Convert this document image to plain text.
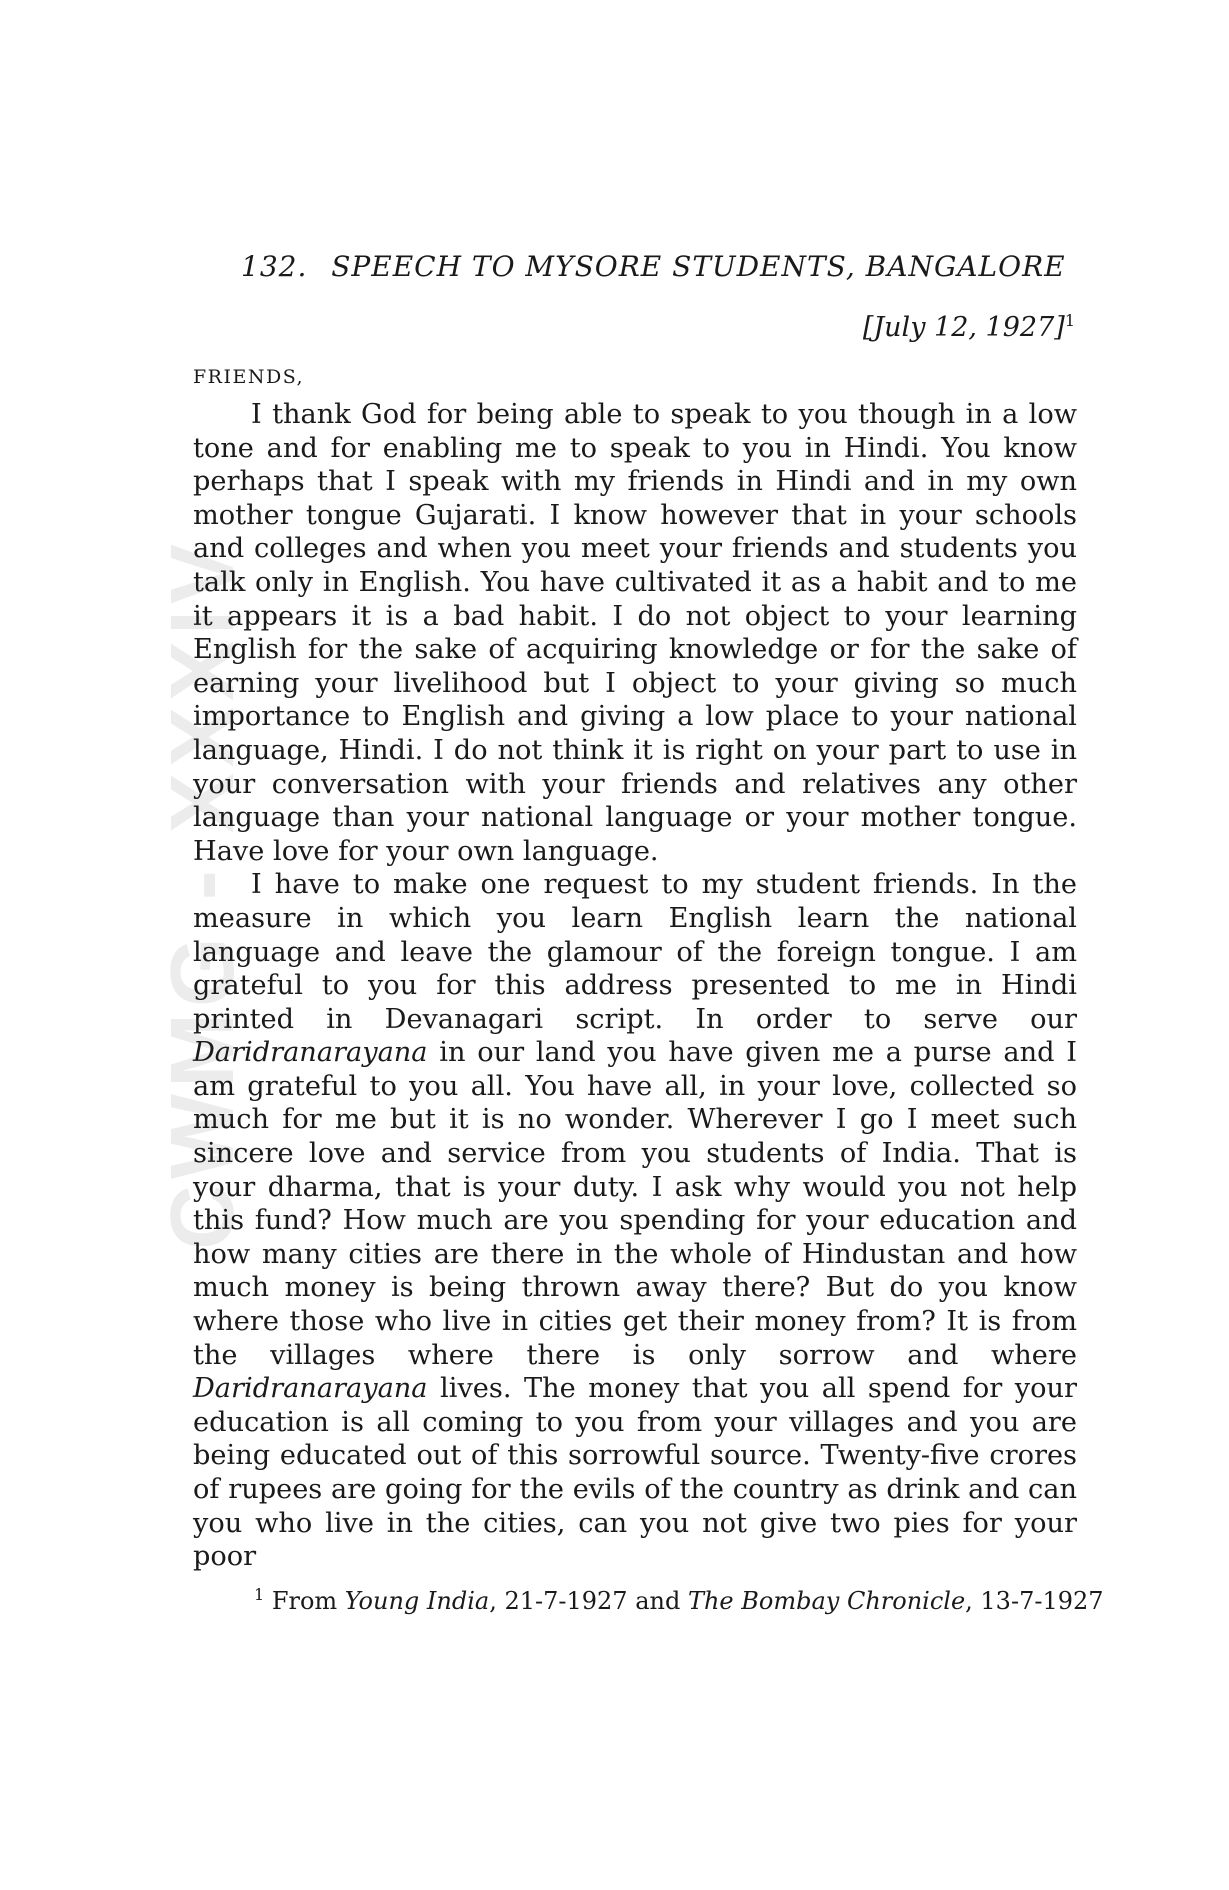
CWMG - XXXIV
132. SPEECH TO MYSORE STUDENTS, BANGALORE
[July 12, 1927]$^1$
FRIENDS,

I thank God for being able to speak to you though in a low tone and for enabling me to speak to you in Hindi. You know perhaps that I speak with my friends in Hindi and in my own mother tongue Gujarati. I know however that in your schools and colleges and when you meet your friends and students you talk only in English. You have cultivated it as a habit and to me it appears it is a bad habit. I do not object to your learning English for the sake of acquiring knowledge or for the sake of earning your livelihood but I object to your giving so much importance to English and giving a low place to your national language, Hindi. I do not think it is right on your part to use in your conversation with your friends and relatives any other language than your national language or your mother tongue. Have love for your own language.

I have to make one request to my student friends. In the measure in which you learn English learn the national language and leave the glamour of the foreign tongue. I am grateful to you for this address presented to me in Hindi printed in Devanagari script. In order to serve our Daridranarayana in our land you have given me a purse and I am grateful to you all. You have all, in your love, collected so much for me but it is no wonder. Wherever I go I meet such sincere love and service from you students of India. That is your dharma, that is your duty. I ask why would you not help this fund? How much are you spending for your education and how many cities are there in the whole of Hindustan and how much money is being thrown away there? But do you know where those who live in cities get their money from? It is from the villages where there is only sorrow and where Daridranarayana lives. The money that you all spend for your education is all coming to you from your villages and you are being educated out of this sorrowful source. Twenty-five crores of rupees are going for the evils of the country as drink and can you who live in the cities, can you not give two pies for your poor

$^1$ From Young India, 21-7-1927 and The Bombay Chronicle, 13-7-1927
